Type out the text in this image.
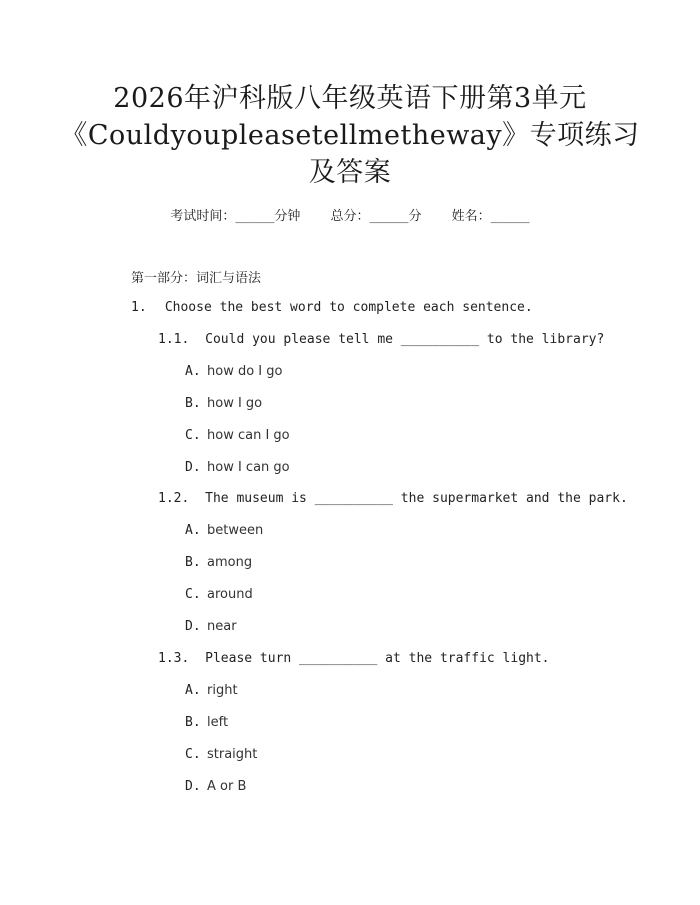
2026年沪科版八年级英语下册第3单元
《Couldyoupleasetellmetheway》专项练习
及答案
考试时间：______分钟 总分：______分 姓名：______
第一部分：词汇与语法
1. Choose the best word to complete each sentence.
1.1. Could you please tell me __________ to the library?
A. how do I go
B. how I go
C. how can I go
D. how I can go
1.2. The museum is __________ the supermarket and the park.
A. between
B. among
C. around
D. near
1.3. Please turn __________ at the traffic light.
A. right
B. left
C. straight
D. A or B
